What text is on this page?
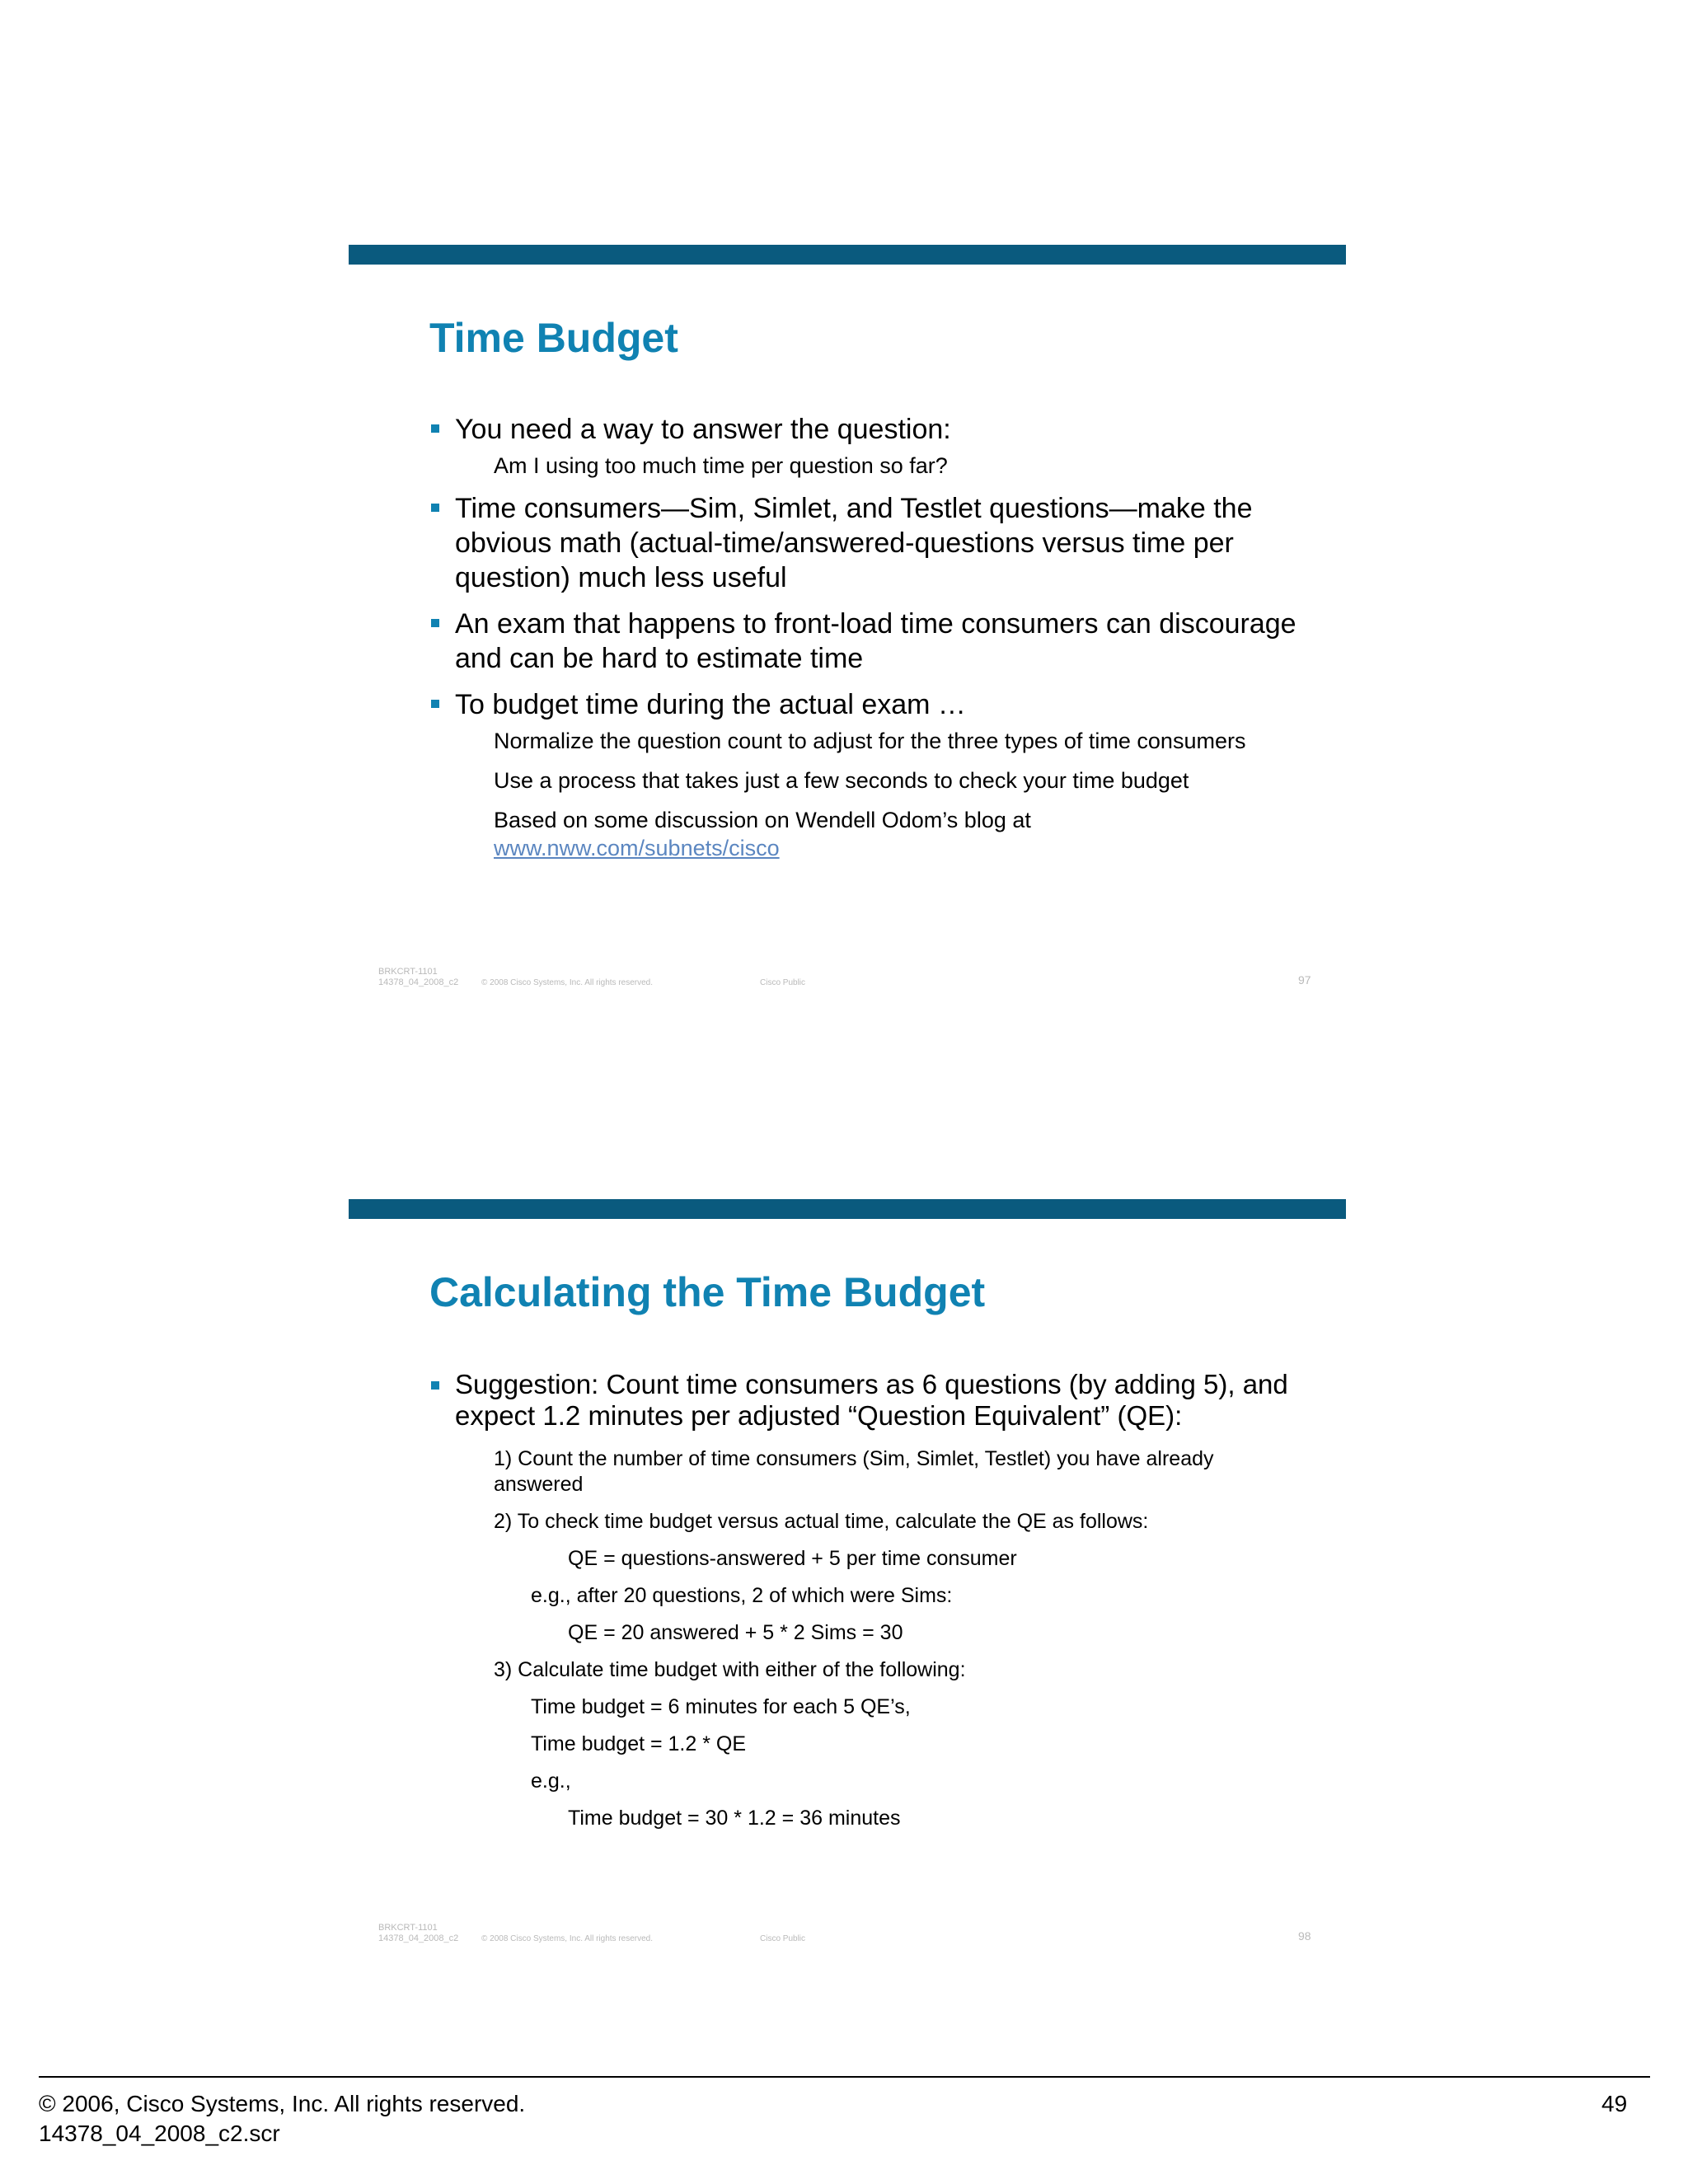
Time Budget
You need a way to answer the question:
Am I using too much time per question so far?
Time consumers—Sim, Simlet, and Testlet questions—make the obvious math (actual-time/answered-questions versus time per question) much less useful
An exam that happens to front-load time consumers can discourage and can be hard to estimate time
To budget time during the actual exam …
Normalize the question count to adjust for the three types of time consumers
Use a process that takes just a few seconds to check your time budget
Based on some discussion on Wendell Odom’s blog at
www.nww.com/subnets/cisco
BRKCRT-1101
14378_04_2008_c2	© 2008 Cisco Systems, Inc. All rights reserved.	Cisco Public	97
Calculating the Time Budget
Suggestion: Count time consumers as 6 questions (by adding 5), and expect 1.2 minutes per adjusted “Question Equivalent” (QE):
1) Count the number of time consumers (Sim, Simlet, Testlet) you have already answered
2) To check time budget versus actual time, calculate the QE as follows:
QE = questions-answered + 5 per time consumer
e.g., after 20 questions, 2 of which were Sims:
QE = 20 answered + 5 * 2 Sims = 30
3) Calculate time budget with either of the following:
Time budget = 6 minutes for each 5 QE’s,
Time budget = 1.2 * QE
e.g.,
Time budget = 30 * 1.2 = 36 minutes
BRKCRT-1101
14378_04_2008_c2	© 2008 Cisco Systems, Inc. All rights reserved.	Cisco Public	98
© 2006, Cisco Systems, Inc. All rights reserved.
14378_04_2008_c2.scr
49
